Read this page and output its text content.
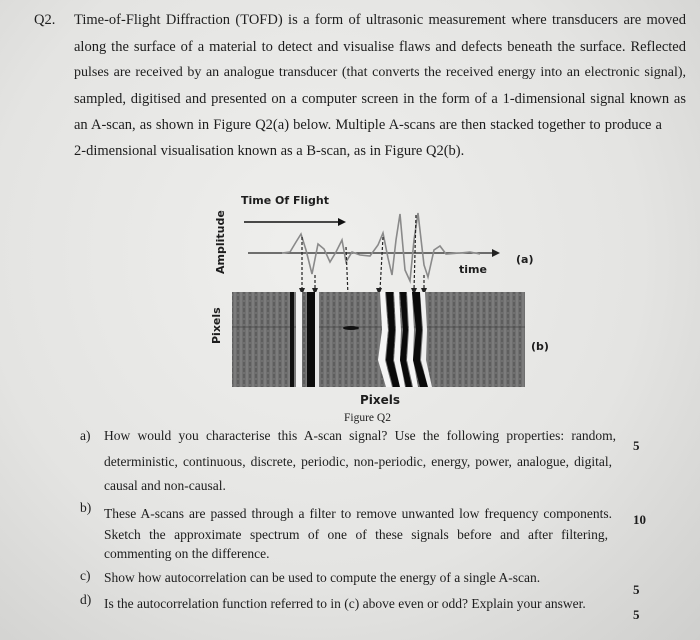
Q2. Time-of-Flight Diffraction (TOFD) is a form of ultrasonic measurement where transducers are moved
along the surface of a material to detect and visualise flaws and defects beneath the surface. Reflected
pulses are received by an analogue transducer (that converts the received energy into an electronic signal),
sampled, digitised and presented on a computer screen in the form of a 1-dimensional signal known as
an A-scan, as shown in Figure Q2(a) below. Multiple A-scans are then stacked together to produce a
2-dimensional visualisation known as a B-scan, as in Figure Q2(b).
Time Of Flight
Amplitude	time
(a)
Pixels
Pixels
(b)
Figure Q2
a) How would you characterise this A-scan signal? Use the following properties: random,
deterministic, continuous, discrete, periodic, non-periodic, energy, power, analogue, digital,
causal and non-causal.
5
b) These A-scans are passed through a filter to remove unwanted low frequency components.
Sketch the approximate spectrum of one of these signals before and after filtering,
commenting on the difference.
10
c) Show how autocorrelation can be used to compute the energy of a single A-scan.
5
d) Is the autocorrelation function referred to in (c) above even or odd? Explain your answer.
5
